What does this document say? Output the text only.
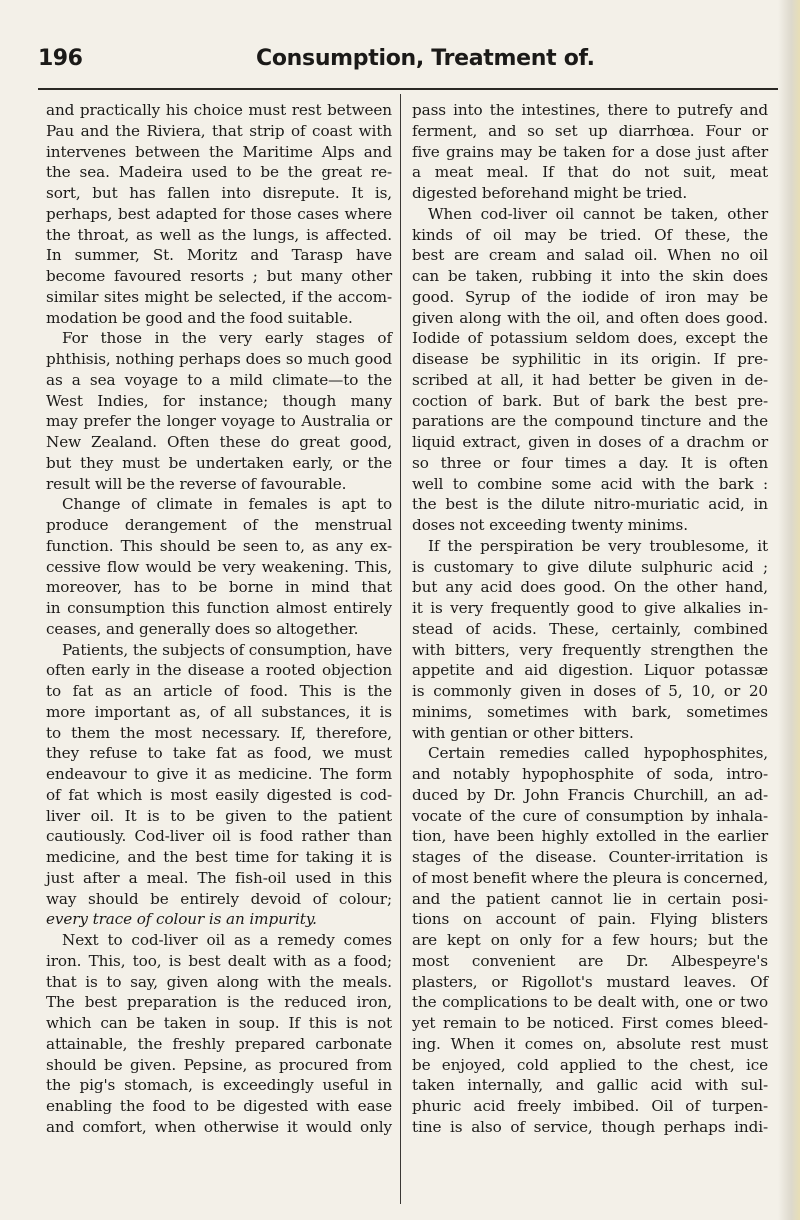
196	Consumption, Treatment of.
and practically his choice must rest between
Pau and the Riviera, that strip of coast with
intervenes between the Maritime Alps and
the sea. Madeira used to be the great re-
sort, but has fallen into disrepute. It is,
perhaps, best adapted for those cases where
the throat, as well as the lungs, is affected.
In summer, St. Moritz and Tarasp have
become favoured resorts ; but many other
similar sites might be selected, if the accom-
modation be good and the food suitable.
For those in the very early stages of
phthisis, nothing perhaps does so much good
as a sea voyage to a mild climate—to the
West Indies, for instance; though many
may prefer the longer voyage to Australia or
New Zealand. Often these do great good,
but they must be undertaken early, or the
result will be the reverse of favourable.
Change of climate in females is apt to
produce derangement of the menstrual
function. This should be seen to, as any ex-
cessive flow would be very weakening. This,
moreover, has to be borne in mind that
in consumption this function almost entirely
ceases, and generally does so altogether.
Patients, the subjects of consumption, have
often early in the disease a rooted objection
to fat as an article of food. This is the
more important as, of all substances, it is
to them the most necessary. If, therefore,
they refuse to take fat as food, we must
endeavour to give it as medicine. The form
of fat which is most easily digested is cod-
liver oil. It is to be given to the patient
cautiously. Cod-liver oil is food rather than
medicine, and the best time for taking it is
just after a meal. The fish-oil used in this
way should be entirely devoid of colour;
every trace of colour is an impurity.
Next to cod-liver oil as a remedy comes
iron. This, too, is best dealt with as a food;
that is to say, given along with the meals.
The best preparation is the reduced iron,
which can be taken in soup. If this is not
attainable, the freshly prepared carbonate
should be given. Pepsine, as procured from
the pig's stomach, is exceedingly useful in
enabling the food to be digested with ease
and comfort, when otherwise it would only
pass into the intestines, there to putrefy and
ferment, and so set up diarrhœa. Four or
five grains may be taken for a dose just after
a meat meal. If that do not suit, meat
digested beforehand might be tried.
When cod-liver oil cannot be taken, other
kinds of oil may be tried. Of these, the
best are cream and salad oil. When no oil
can be taken, rubbing it into the skin does
good. Syrup of the iodide of iron may be
given along with the oil, and often does good.
Iodide of potassium seldom does, except the
disease be syphilitic in its origin. If pre-
scribed at all, it had better be given in de-
coction of bark. But of bark the best pre-
parations are the compound tincture and the
liquid extract, given in doses of a drachm or
so three or four times a day. It is often
well to combine some acid with the bark :
the best is the dilute nitro-muriatic acid, in
doses not exceeding twenty minims.
If the perspiration be very troublesome, it
is customary to give dilute sulphuric acid ;
but any acid does good. On the other hand,
it is very frequently good to give alkalies in-
stead of acids. These, certainly, combined
with bitters, very frequently strengthen the
appetite and aid digestion. Liquor potassæ
is commonly given in doses of 5, 10, or 20
minims, sometimes with bark, sometimes
with gentian or other bitters.
Certain remedies called hypophosphites,
and notably hypophosphite of soda, intro-
duced by Dr. John Francis Churchill, an ad-
vocate of the cure of consumption by inhala-
tion, have been highly extolled in the earlier
stages of the disease. Counter-irritation is
of most benefit where the pleura is concerned,
and the patient cannot lie in certain posi-
tions on account of pain. Flying blisters
are kept on only for a few hours; but the
most convenient are Dr. Albespeyre's
plasters, or Rigollot's mustard leaves. Of
the complications to be dealt with, one or two
yet remain to be noticed. First comes bleed-
ing. When it comes on, absolute rest must
be enjoyed, cold applied to the chest, ice
taken internally, and gallic acid with sul-
phuric acid freely imbibed. Oil of turpen-
tine is also of service, though perhaps indi-
